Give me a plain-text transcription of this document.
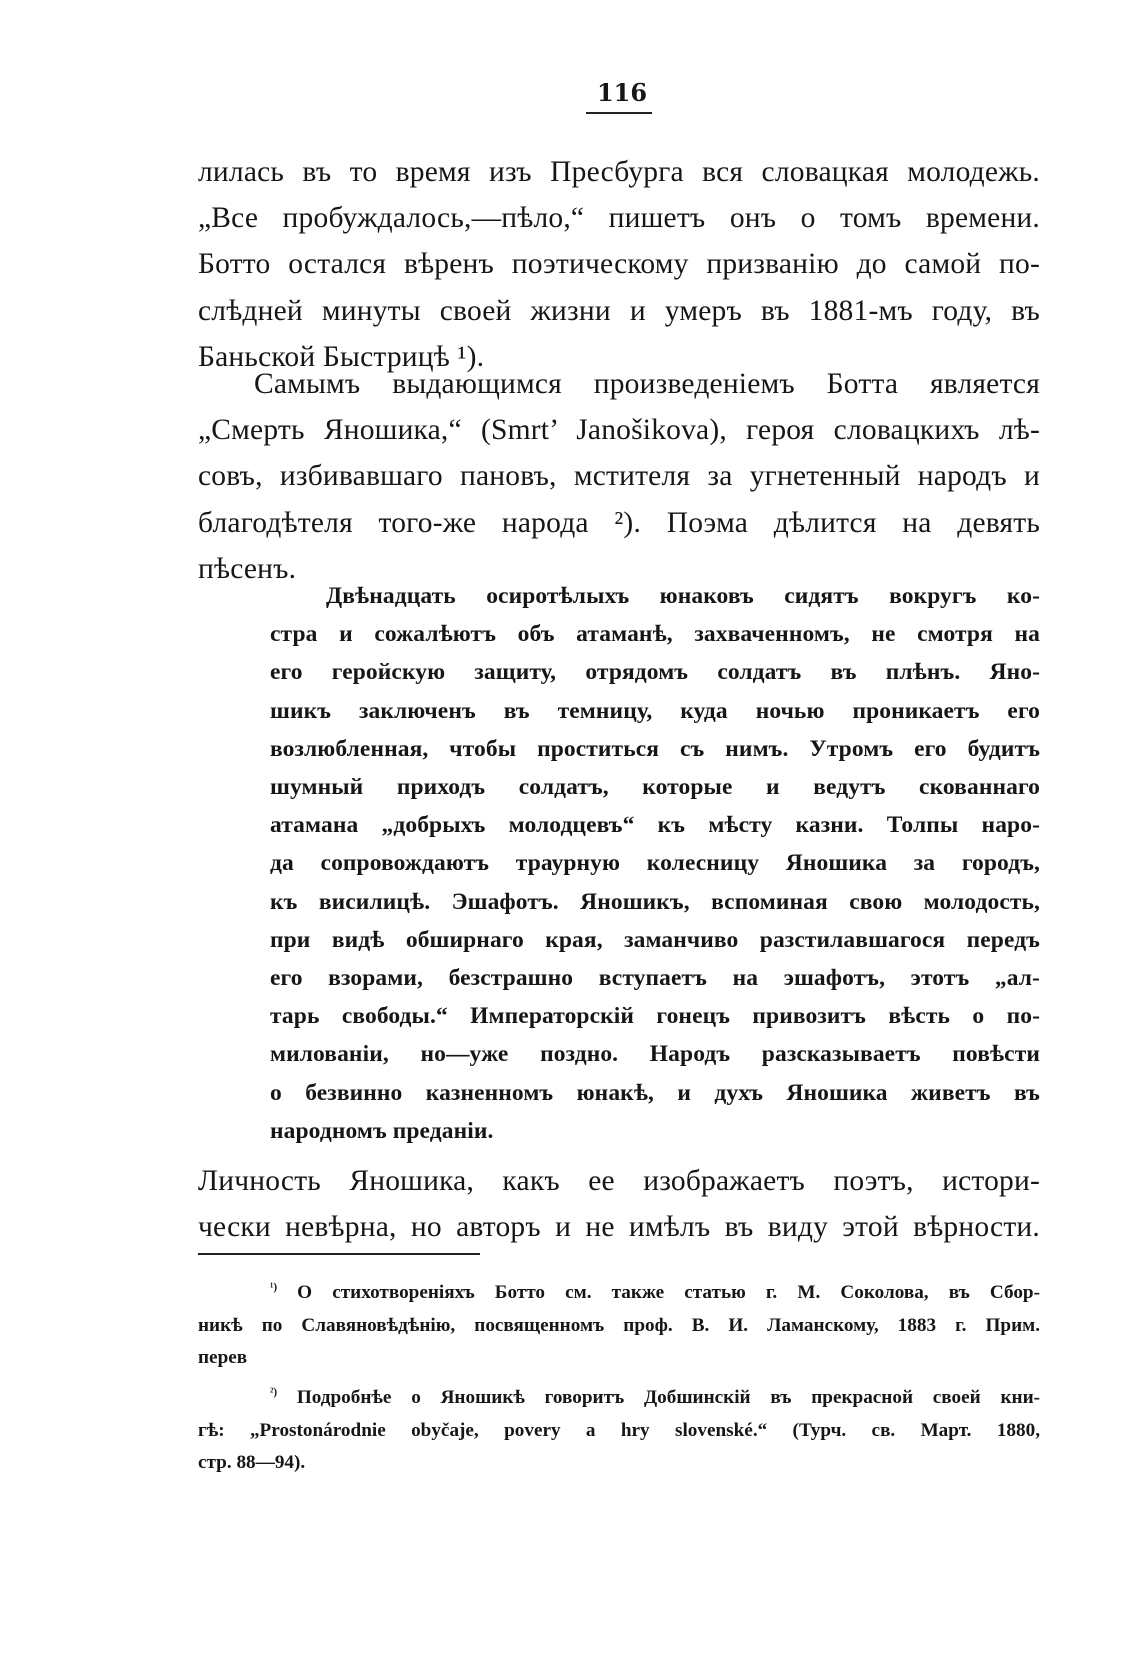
116
лилась въ то время изъ Пресбурга вся словацкая молодежь.
„Все пробуждалось,—пѣло,“ пишетъ онъ о томъ времени.
Ботто остался вѣренъ поэтическому призванію до самой по-
слѣдней минуты своей жизни и умеръ въ 1881-мъ году, въ
Баньской Быстрицѣ ¹).
Самымъ выдающимся произведеніемъ Ботта является
„Смерть Яношика,“ (Smrt’ Janošikova), героя словацкихъ лѣ-
совъ, избивавшаго пановъ, мстителя за угнетенный народъ и
благодѣтеля того-же народа ²). Поэма дѣлится на девять
пѣсенъ.
Двѣнадцать осиротѣлыхъ юнаковъ сидятъ вокругъ ко-
стра и сожалѣютъ объ атаманѣ, захваченномъ, не смотря на
его геройскую защиту, отрядомъ солдатъ въ плѣнъ. Яно-
шикъ заключенъ въ темницу, куда ночью проникаетъ его
возлюбленная, чтобы проститься съ нимъ. Утромъ его будитъ
шумный приходъ солдатъ, которые и ведутъ скованнаго
атамана „добрыхъ молодцевъ“ къ мѣсту казни. Толпы наро-
да сопровождаютъ траурную колесницу Яношика за городъ,
къ висилицѣ. Эшафотъ. Яношикъ, вспоминая свою молодость,
при видѣ обширнаго края, заманчиво разстилавшагося передъ
его взорами, безстрашно вступаетъ на эшафотъ, этотъ „ал-
тарь свободы.“ Императорскій гонецъ привозитъ вѣсть о по-
милованіи, но—уже поздно. Народъ разсказываетъ повѣсти
о безвинно казненномъ юнакѣ, и духъ Яношика живетъ въ
народномъ преданіи.
Личность Яношика, какъ ее изображаетъ поэтъ, истори-
чески невѣрна, но авторъ и не имѣлъ въ виду этой вѣрности.
$^{^1)}$ О стихотвореніяхъ Ботто см. также статью г. М. Соколова, въ Сбор-
никѣ по Славяновѣдѣнію, посвященномъ проф. В. И. Ламанскому, 1883 г. Прим.
перев
$^{^2)}$ Подробнѣе о Яношикѣ говоритъ Добшинскій въ прекрасной своей кни-
гѣ: „Prostonárodnie obyčaje, povery a hry slovenské.“ (Турч. св. Март. 1880,
стр. 88—94).
